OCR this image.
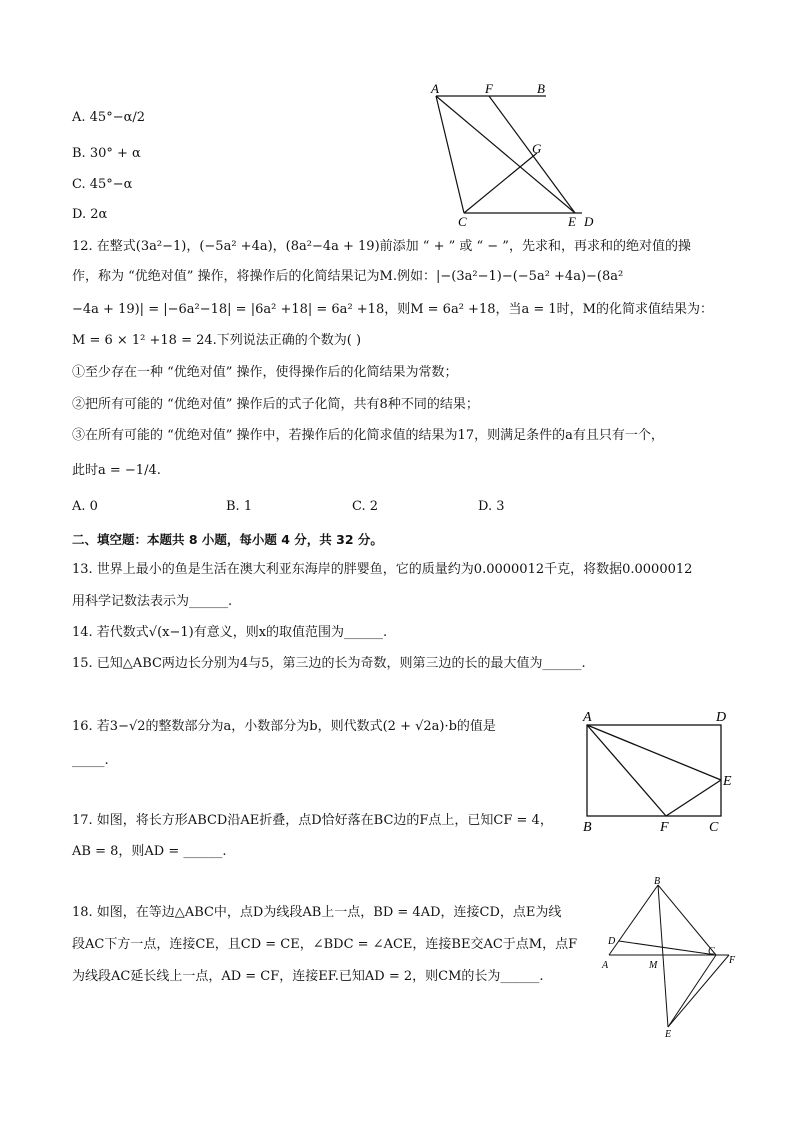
A. 45°−α/2
B. 30° + α
C. 45°−α
D. 2α
A	F	B
G
C	E D
12. 在整式(3a²−1)，(−5a² +4a)，(8a²−4a + 19)前添加 “ + ” 或 “ − ”，先求和，再求和的绝对值的操
作，称为 “优绝对值” 操作，将操作后的化简结果记为M.例如：|−(3a²−1)−(−5a² +4a)−(8a²
−4a + 19)| = |−6a²−18| = |6a² +18| = 6a² +18，则M = 6a² +18，当a = 1时，M的化简求值结果为：
M = 6 × 1² +18 = 24.下列说法正确的个数为( )
①至少存在一种 “优绝对值” 操作，使得操作后的化简结果为常数；
②把所有可能的 “优绝对值” 操作后的式子化简，共有8种不同的结果；
③在所有可能的 “优绝对值” 操作中，若操作后的化简求值的结果为17，则满足条件的a有且只有一个，
此时a = −1/4.
A. 0	B. 1	C. 2	D. 3
二、填空题：本题共 8 小题，每小题 4 分，共 32 分。
13. 世界上最小的鱼是生活在澳大利亚东海岸的胖婴鱼，它的质量约为0.0000012千克，将数据0.0000012
用科学记数法表示为______.
14. 若代数式√(x−1)有意义，则x的取值范围为______.
15. 已知△ABC两边长分别为4与5，第三边的长为奇数，则第三边的长的最大值为______.
16. 若3−√2的整数部分为a，小数部分为b，则代数式(2 + √2a)·b的值是
_____.
A	D
E
B	F	C
17. 如图，将长方形ABCD沿AE折叠，点D恰好落在BC边的F点上，已知CF = 4，
AB = 8，则AD = ______.
18. 如图，在等边△ABC中，点D为线段AB上一点，BD = 4AD，连接CD，点E为线
段AC下方一点，连接CE，且CD = CE，∠BDC = ∠ACE，连接BE交AC于点M，点F
为线段AC延长线上一点，AD = CF，连接EF.已知AD = 2，则CM的长为______.
B
D
A	M
C
F
E
